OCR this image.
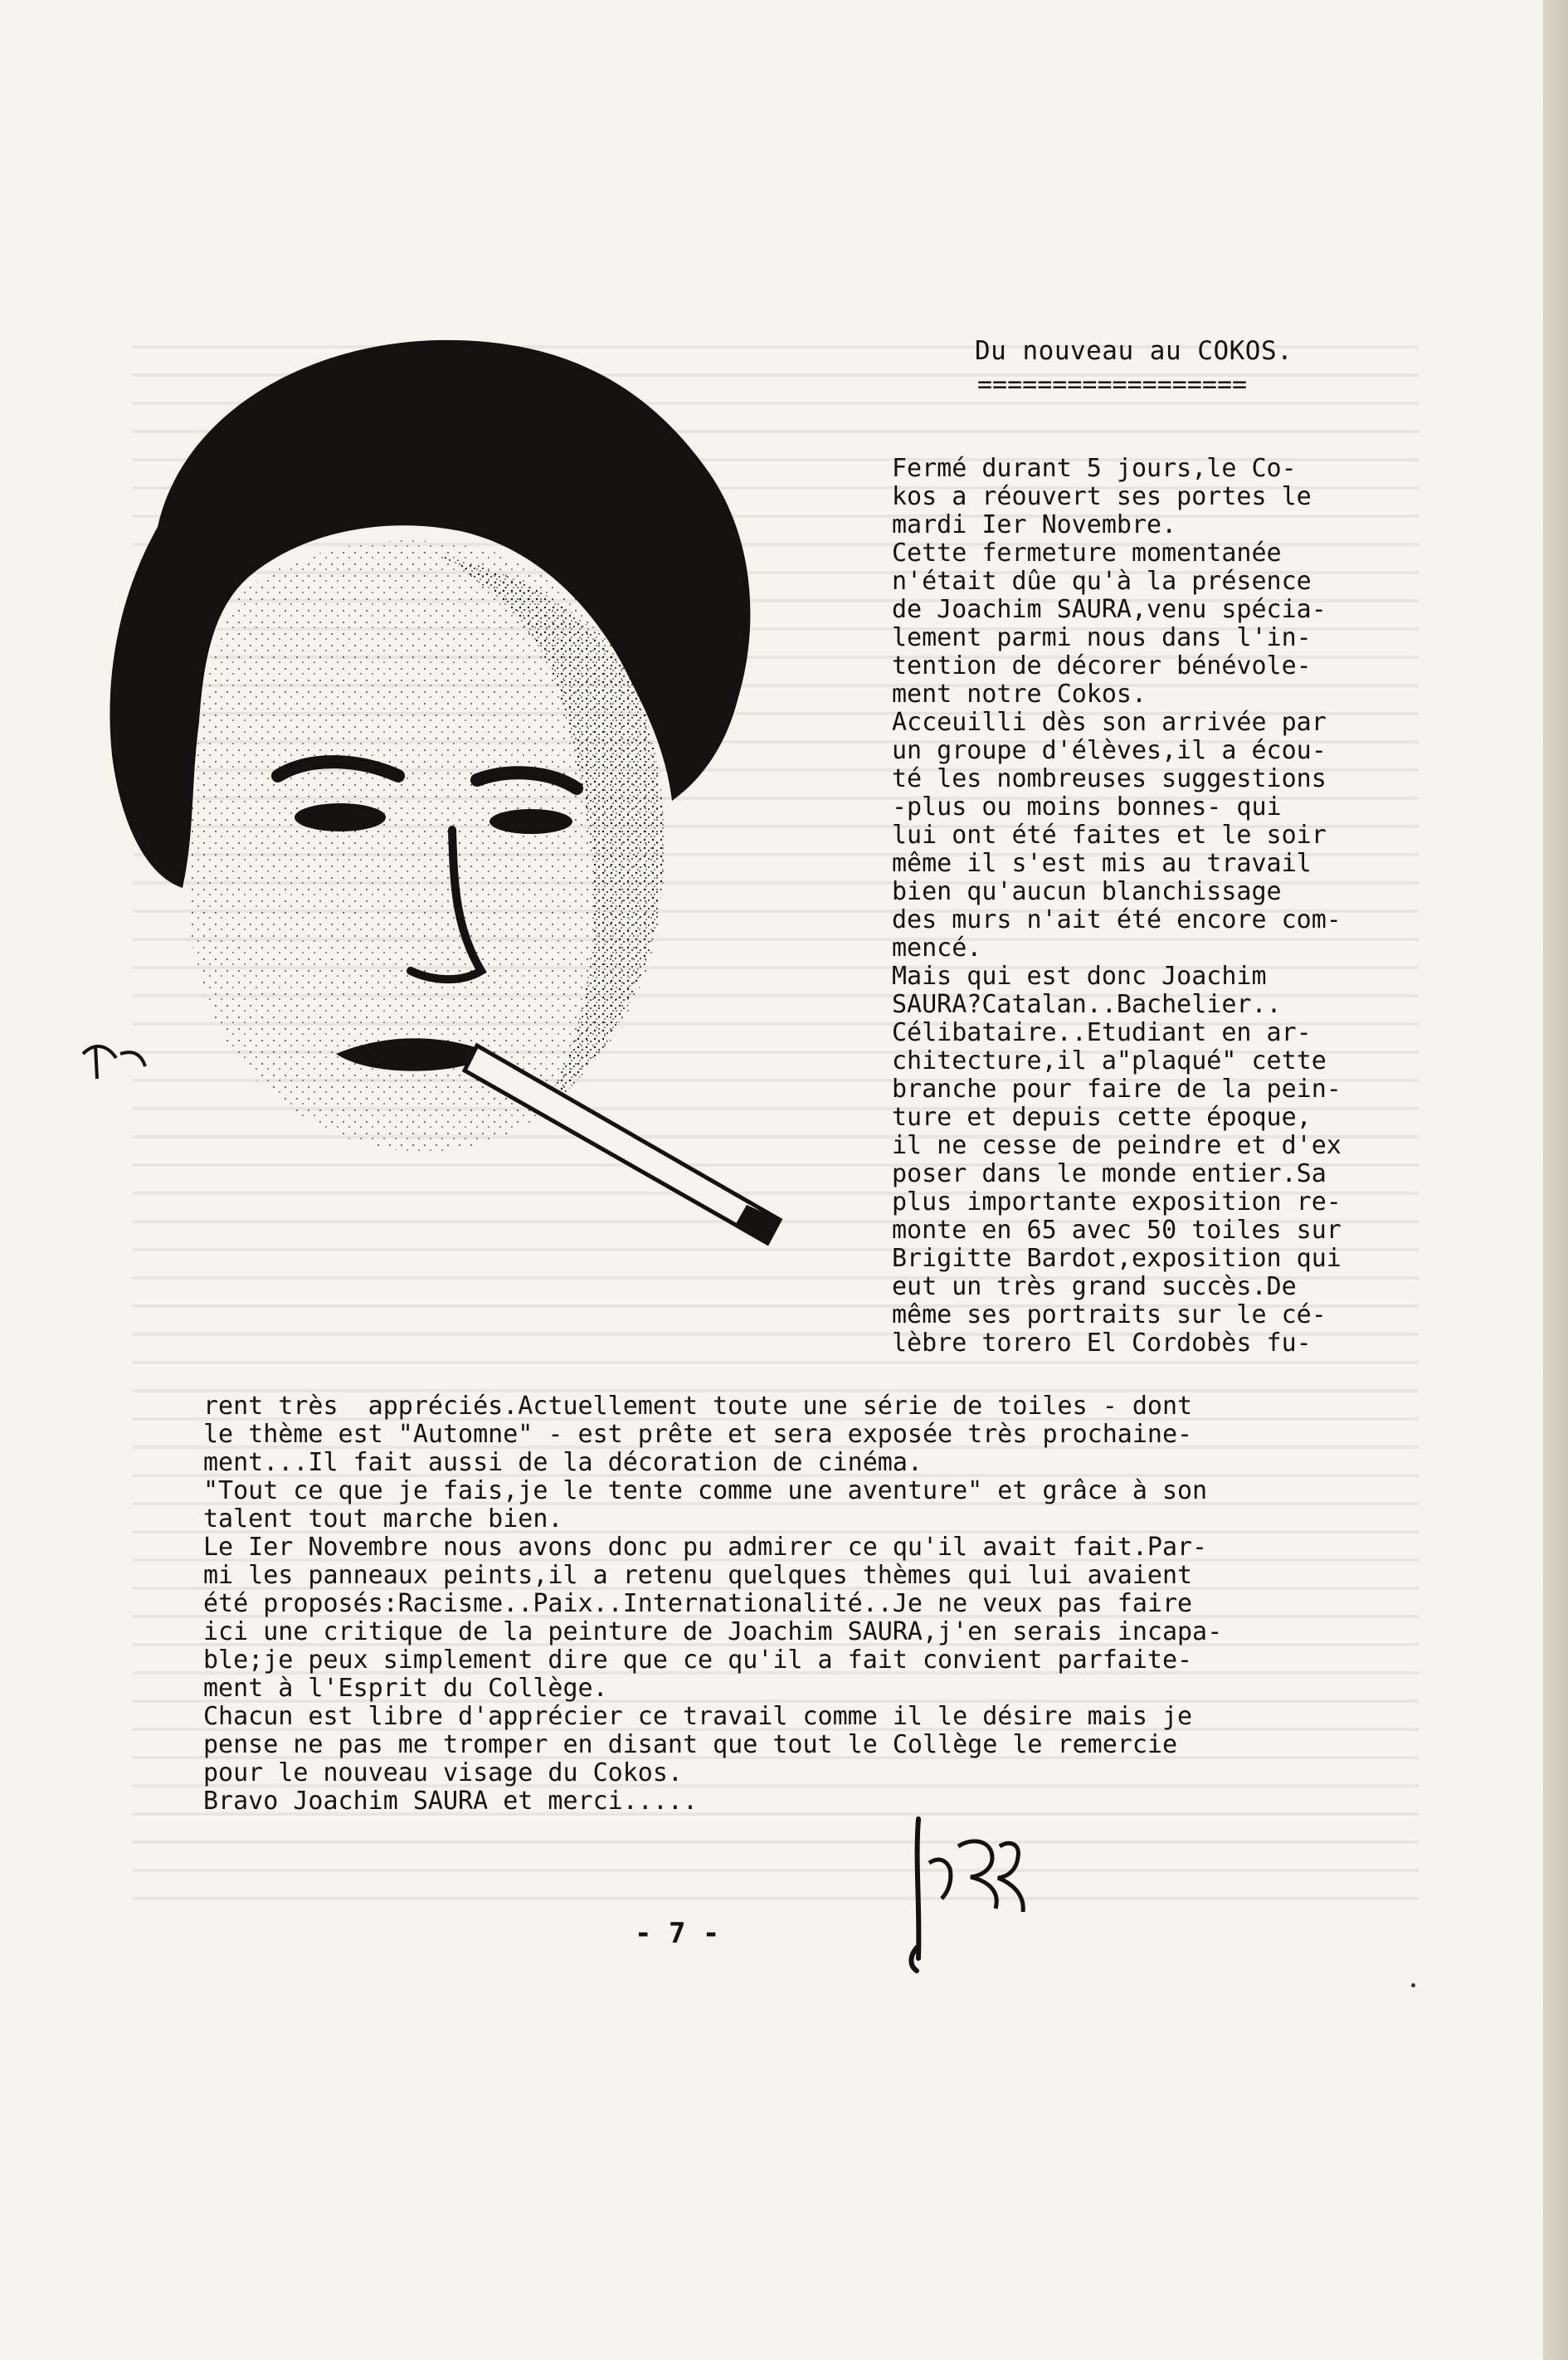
Du nouveau au COKOS.
==================
Fermé durant 5 jours,le Co-
kos a réouvert ses portes le
mardi Ier Novembre.
Cette fermeture momentanée
n'était dûe qu'à la présence
de Joachim SAURA,venu spécia-
lement parmi nous dans l'in-
tention de décorer bénévole-
ment notre Cokos.
Acceuilli dès son arrivée par
un groupe d'élèves,il a écou-
té les nombreuses suggestions
-plus ou moins bonnes- qui
lui ont été faites et le soir
même il s'est mis au travail
bien qu'aucun blanchissage
des murs n'ait été encore com-
mencé.
Mais qui est donc Joachim
SAURA?Catalan..Bachelier..
Célibataire..Etudiant en ar-
chitecture,il a"plaqué" cette
branche pour faire de la pein-
ture et depuis cette époque,
il ne cesse de peindre et d'ex
poser dans le monde entier.Sa
plus importante exposition re-
monte en 65 avec 50 toiles sur
Brigitte Bardot,exposition qui
eut un très grand succès.De
même ses portraits sur le cé-
lèbre torero El Cordobès fu-
rent très  appréciés.Actuellement toute une série de toiles - dont
le thème est "Automne" - est prête et sera exposée très prochaine-
ment...Il fait aussi de la décoration de cinéma.
"Tout ce que je fais,je le tente comme une aventure" et grâce à son
talent tout marche bien.
Le Ier Novembre nous avons donc pu admirer ce qu'il avait fait.Par-
mi les panneaux peints,il a retenu quelques thèmes qui lui avaient
été proposés:Racisme..Paix..Internationalité..Je ne veux pas faire
ici une critique de la peinture de Joachim SAURA,j'en serais incapa-
ble;je peux simplement dire que ce qu'il a fait convient parfaite-
ment à l'Esprit du Collège.
Chacun est libre d'apprécier ce travail comme il le désire mais je
pense ne pas me tromper en disant que tout le Collège le remercie
pour le nouveau visage du Cokos.
Bravo Joachim SAURA et merci.....
- 7 -
